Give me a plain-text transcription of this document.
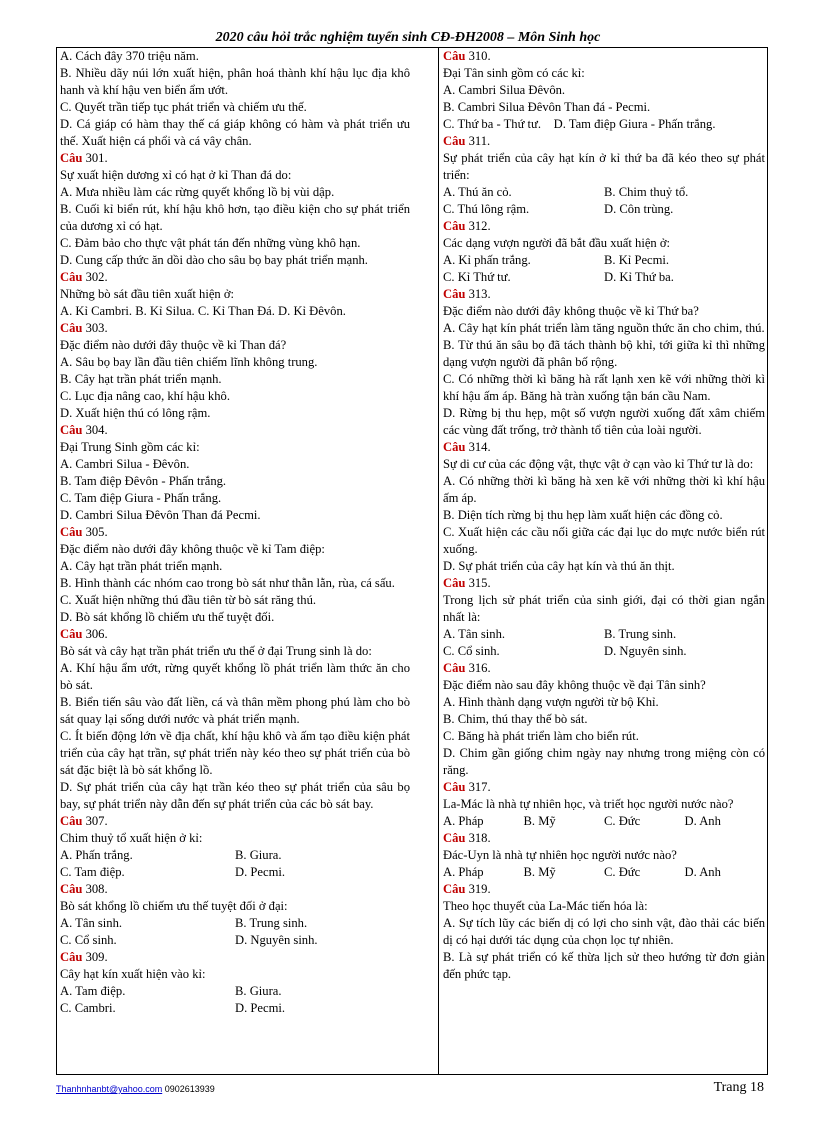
2020 câu hỏi trắc nghiệm tuyển sinh CĐ-ĐH2008 – Môn Sinh học

A. Cách đây 370 triệu năm.

B. Nhiều dãy núi lớn xuất hiện, phân hoá thành khí hậu lục địa khô hanh và khí hậu ven biển ẩm ướt.

C. Quyết trần tiếp tục phát triển và chiếm ưu thế.

D. Cá giáp có hàm thay thế cá giáp không có hàm và phát triển ưu thế. Xuất hiện cá phổi và cá vây chân.

Câu 301.

Sự xuất hiện dương xỉ có hạt ở kỉ Than đá do:

A. Mưa nhiều làm các rừng quyết khổng lồ bị vùi dập.

B. Cuối kỉ biển rút, khí hậu khô hơn, tạo điều kiện cho sự phát triển của dương xỉ có hạt.

C. Đảm bảo cho thực vật phát tán đến những vùng khô hạn.

D. Cung cấp thức ăn dồi dào cho sâu bọ bay phát triển mạnh.

Câu 302.

Những bò sát đầu tiên xuất hiện ở:

A. Kỉ Cambri. B. Kỉ Silua. C. Kỉ Than Đá. D. Kỉ Đêvôn.

Câu 303.

Đặc điểm nào dưới đây thuộc về kỉ Than đá?

A. Sâu bọ bay lần đầu tiên chiếm lĩnh không trung.

B. Cây hạt trần phát triển mạnh.

C. Lục địa nâng cao, khí hậu khô.

D. Xuất hiện thú có lông rậm.

Câu 304.

Đại Trung Sinh gồm các kỉ:

A. Cambri Silua - Đêvôn.

B. Tam điệp Đêvôn - Phấn trắng.

C. Tam điệp Giura - Phấn trắng.

D. Cambri Silua Đêvôn Than đá Pecmi.

Câu 305.

Đặc điểm nào dưới đây không thuộc về kỉ Tam điệp:

A. Cây hạt trần phát triển mạnh.

B. Hình thành các nhóm cao trong bò sát như thằn lằn, rùa, cá sấu.

C. Xuất hiện những thú đầu tiên từ bò sát răng thú.

D. Bò sát khổng lồ chiếm ưu thế tuyệt đối.

Câu 306.

Bò sát và cây hạt trần phát triển ưu thế ở đại Trung sinh là do:

A. Khí hậu ẩm ướt, rừng quyết khổng lồ phát triển làm thức ăn cho bò sát.

B. Biển tiến sâu vào đất liền, cá và thân mềm phong phú làm cho bò sát quay lại sống dưới nước và phát triển mạnh.

C. Ít biến động lớn về địa chất, khí hậu khô và ấm tạo điều kiện phát triển của cây hạt trần, sự phát triển này kéo theo sự phát triển của bò sát đặc biệt là bò sát khổng lồ.

D. Sự phát triển của cây hạt trần kéo theo sự phát triển của sâu bọ bay, sự phát triển này dẫn đến sự phát triển của các bò sát bay.

Câu 307.

Chim thuỷ tổ xuất hiện ở kỉ:

A. Phấn trắng.	B. Giura.
C. Tam điệp.	D. Pecmi.

Câu 308.

Bò sát khổng lồ chiếm ưu thế tuyệt đối ở đại:

A. Tân sinh.	B. Trung sinh.
C. Cổ sinh.	D. Nguyên sinh.

Câu 309.

Cây hạt kín xuất hiện vào kỉ:

A. Tam điệp.	B. Giura.
C. Cambri.	D. Pecmi.

Câu 310.

Đại Tân sinh gồm có các kỉ:

A. Cambri Silua Đêvôn.

B. Cambri Silua Đêvôn Than đá - Pecmi.

C. Thứ ba - Thứ tư.    D. Tam điệp Giura - Phấn trắng.

Câu 311.

Sự phát triển của cây hạt kín ở kỉ thứ ba đã kéo theo sự phát triển:

A. Thú ăn cỏ.	B. Chim thuỷ tổ.
C. Thú lông rậm.	D. Côn trùng.

Câu 312.

Các dạng vượn người đã bắt đầu xuất hiện ở:

A. Kỉ phấn trắng.	B. Kỉ Pecmi.
C. Kỉ Thứ tư.	D. Kỉ Thứ ba.

Câu 313.

Đặc điểm nào dưới đây không thuộc về kỉ Thứ ba?

A. Cây hạt kín phát triển làm tăng nguồn thức ăn cho chim, thú.

B. Từ thú ăn sâu bọ đã tách thành bộ khỉ, tới giữa kỉ thì những dạng vượn người đã phân bố rộng.

C. Có những thời kì băng hà rất lạnh xen kẽ với những thời kì khí hậu ấm áp. Băng hà tràn xuống tận bán cầu Nam.

D. Rừng bị thu hẹp, một số vượn người xuống đất xâm chiếm các vùng đất trống, trở thành tổ tiên của loài người.

Câu 314.

Sự di cư của các động vật, thực vật ở cạn vào kỉ Thứ tư là do:

A. Có những thời kì băng hà xen kẽ với những thời kì khí hậu ấm áp.

B. Diện tích rừng bị thu hẹp làm xuất hiện các đồng cỏ.

C. Xuất hiện các cầu nối giữa các đại lục do mực nước biển rút xuống.

D. Sự phát triển của cây hạt kín và thú ăn thịt.

Câu 315.

Trong lịch sử phát triển của sinh giới, đại có thời gian ngắn nhất là:

A. Tân sinh.	B. Trung sinh.
C. Cổ sinh.	D. Nguyên sinh.

Câu 316.

Đặc điểm nào sau đây không thuộc về đại Tân sinh?

A. Hình thành dạng vượn người từ bộ Khỉ.

B. Chim, thú thay thế bò sát.

C. Băng hà phát triển làm cho biển rút.

D. Chim gần giống chim ngày nay nhưng trong miệng còn có răng.

Câu 317.

La-Mác là nhà tự nhiên học, và triết học người nước nào?

A. Pháp	B. Mỹ	C. Đức	D. Anh

Câu 318.

Đác-Uyn là nhà tự nhiên học người nước nào?

A. Pháp	B. Mỹ	C. Đức	D. Anh

Câu 319.

Theo học thuyết của La-Mác tiến hóa là:

A. Sự tích lũy các biến dị có lợi cho sinh vật, đào thải các biến dị có hại dưới tác dụng của chọn lọc tự nhiên.

B. Là sự phát triển có kế thừa lịch sử theo hướng từ đơn giản đến phức tạp.

Thanhnhanbt@yahoo.com 0902613939	Trang 18
